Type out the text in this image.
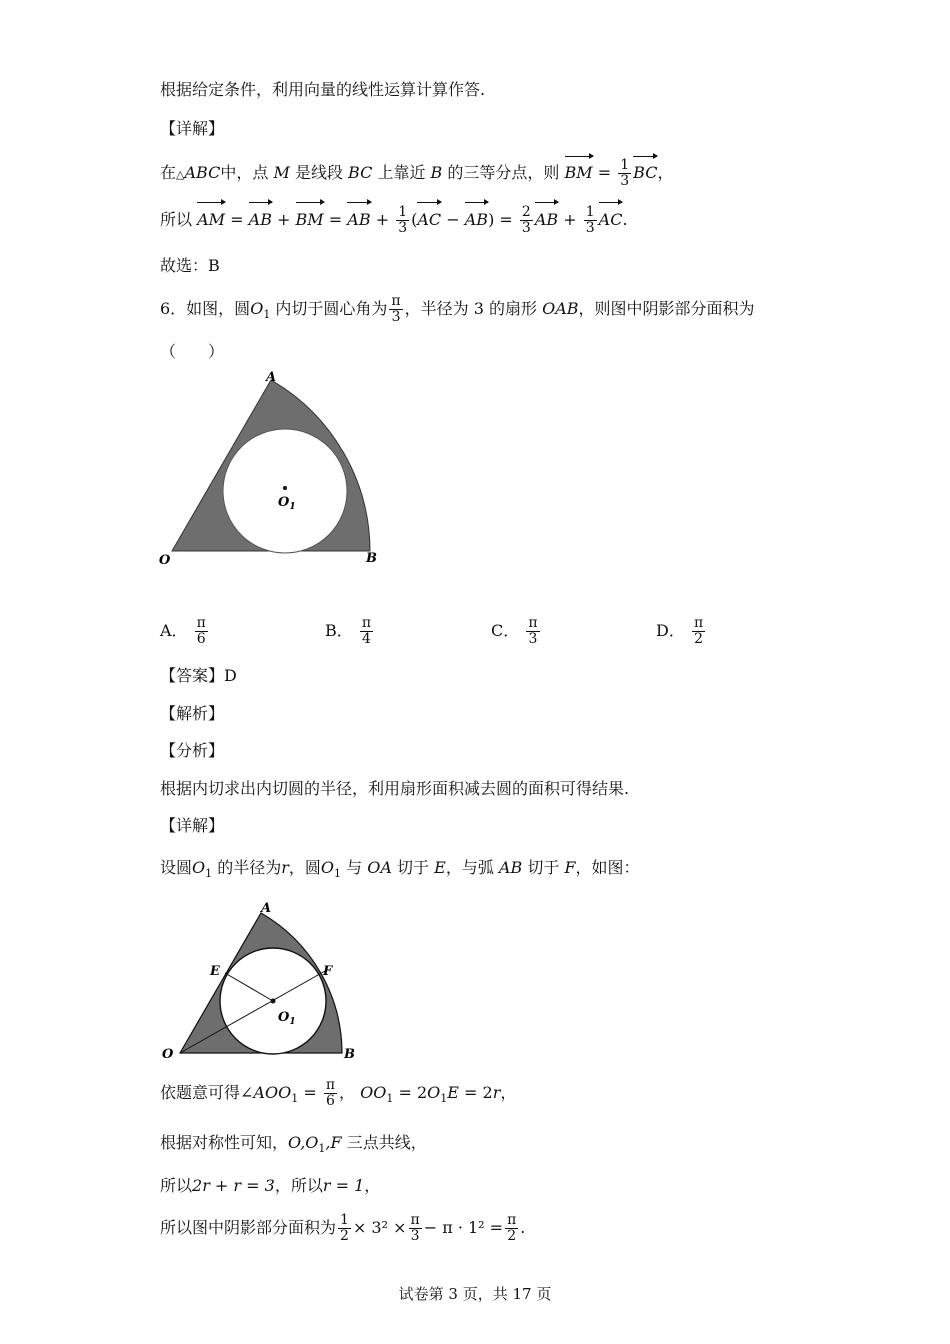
根据给定条件，利用向量的线性运算计算作答.
【详解】
在△ABC中，点 M 是线段 BC 上靠近 B 的三等分点，则 BM = $\frac{1}{3}$ BC，
所以 AM = AB + BM = AB + $\frac{1}{3} (AC - AB) = \frac{2}{3}$ AB + $\frac{1}{3}$ AC.
故选：B
6．如图，圆$O_1$ 内切于圆心角为 $\frac{\pi}{3}$ ，半径为 3 的扇形 OAB，则图中阴影部分面积为
（　　）
A
O	B
$O_1$
A． $\frac{\pi}{6}$	B． $\frac{\pi}{4}$	C． $\frac{\pi}{3}$	D． $\frac{\pi}{2}$
【答案】D
【解析】
【分析】
根据内切求出内切圆的半径，利用扇形面积减去圆的面积可得结果.
【详解】
设圆$O_1$ 的半径为r，圆$O_1$ 与 OA 切于 E，与弧 AB 切于 F，如图：
A
E	F
$O_1$
O	B
依题意可得$\angle AOO_1 = \frac{\pi}{6}$ ， $OO_1 = 2O_1E = 2r$，
根据对称性可知，$O,O_1,F$ 三点共线，
所以2r + r = 3，所以r = 1，
所以图中阴影部分面积为 $\frac{1}{2} \times 3^2 \times \frac{\pi}{3} - \pi \cdot 1^2 = \frac{\pi}{2}$ .
试卷第 3 页，共 17 页
